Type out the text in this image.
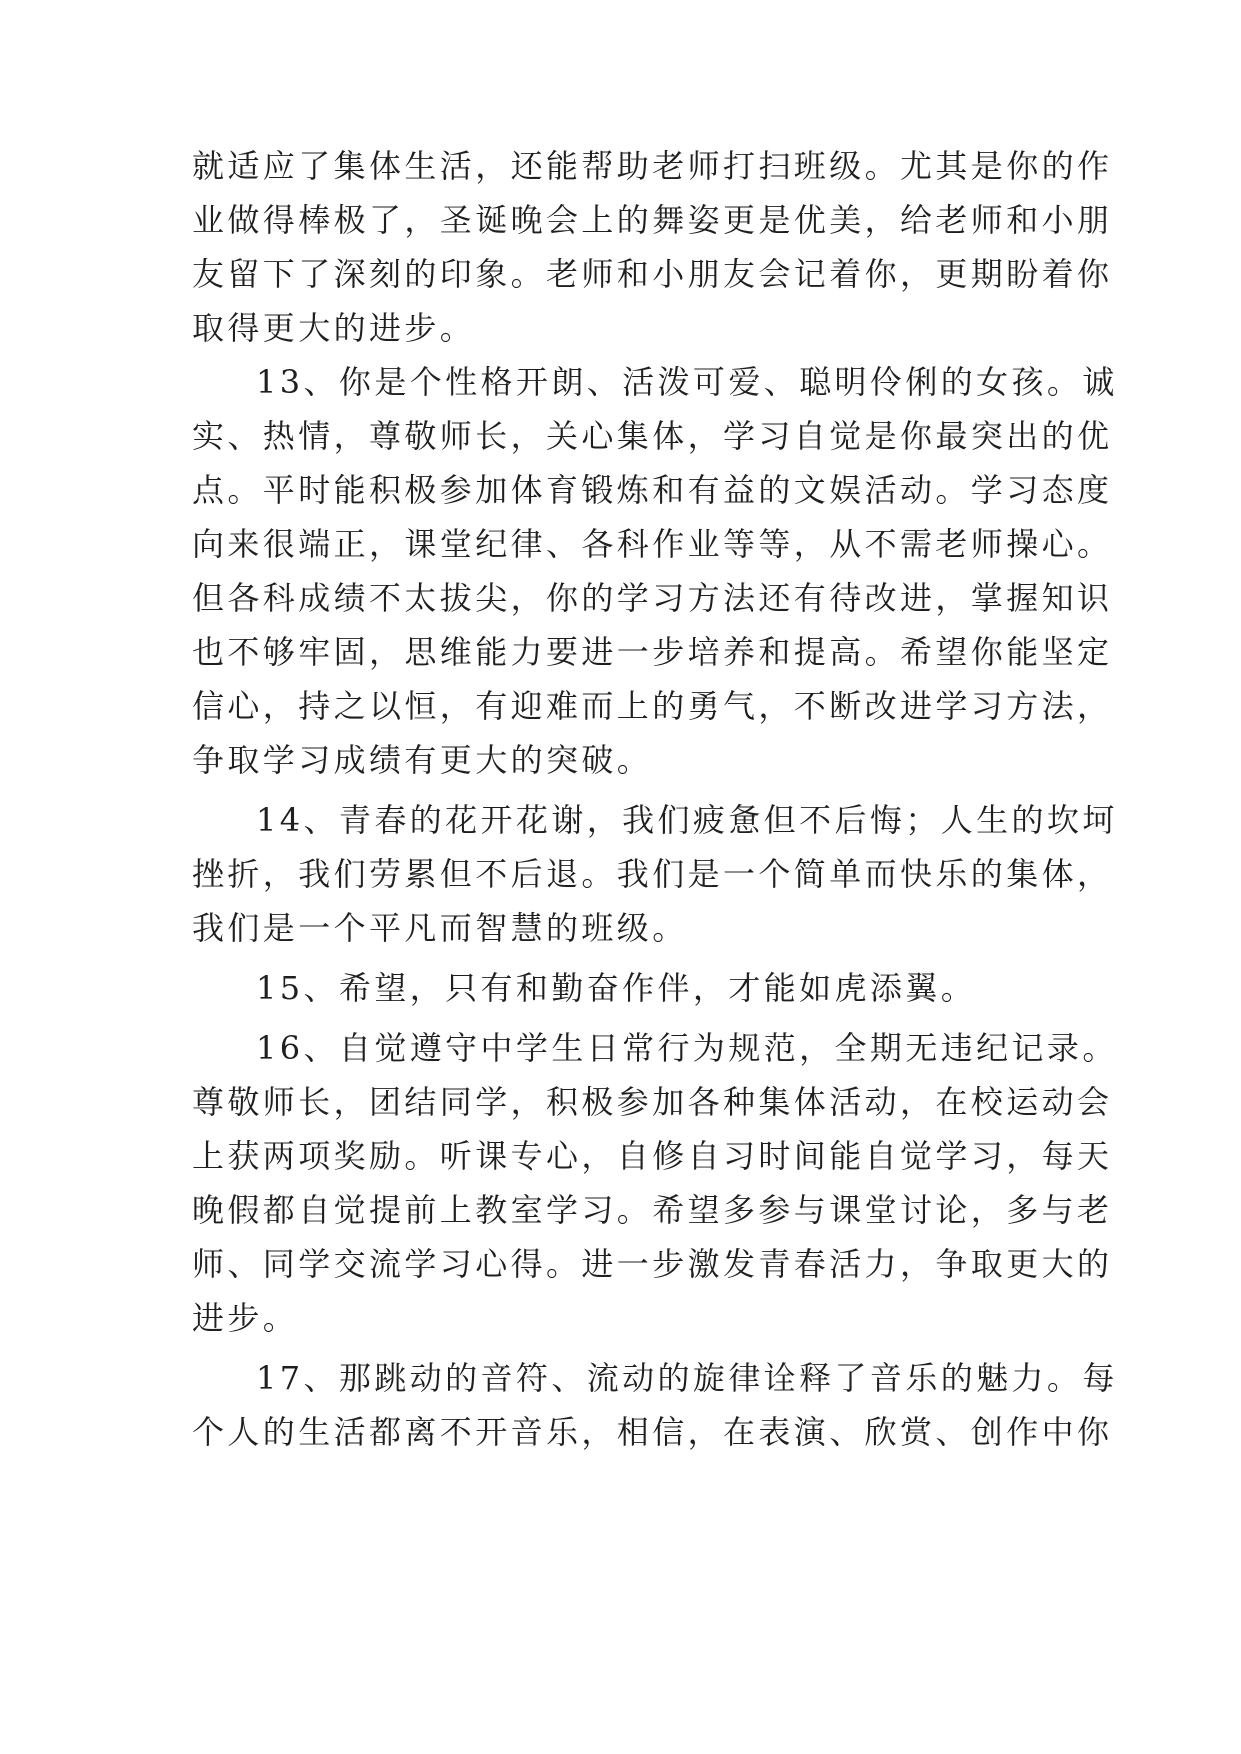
就适应了集体生活，还能帮助老师打扫班级。尤其是你的作
业做得棒极了，圣诞晚会上的舞姿更是优美，给老师和小朋
友留下了深刻的印象。老师和小朋友会记着你，更期盼着你
取得更大的进步。
13、你是个性格开朗、活泼可爱、聪明伶俐的女孩。诚
实、热情，尊敬师长，关心集体，学习自觉是你最突出的优
点。平时能积极参加体育锻炼和有益的文娱活动。学习态度
向来很端正，课堂纪律、各科作业等等，从不需老师操心。
但各科成绩不太拔尖，你的学习方法还有待改进，掌握知识
也不够牢固，思维能力要进一步培养和提高。希望你能坚定
信心，持之以恒，有迎难而上的勇气，不断改进学习方法，
争取学习成绩有更大的突破。
14、青春的花开花谢，我们疲惫但不后悔；人生的坎坷
挫折，我们劳累但不后退。我们是一个简单而快乐的集体，
我们是一个平凡而智慧的班级。
15、希望，只有和勤奋作伴，才能如虎添翼。
16、自觉遵守中学生日常行为规范，全期无违纪记录。
尊敬师长，团结同学，积极参加各种集体活动，在校运动会
上获两项奖励。听课专心，自修自习时间能自觉学习，每天
晚假都自觉提前上教室学习。希望多参与课堂讨论，多与老
师、同学交流学习心得。进一步激发青春活力，争取更大的
进步。
17、那跳动的音符、流动的旋律诠释了音乐的魅力。每
个人的生活都离不开音乐，相信，在表演、欣赏、创作中你
